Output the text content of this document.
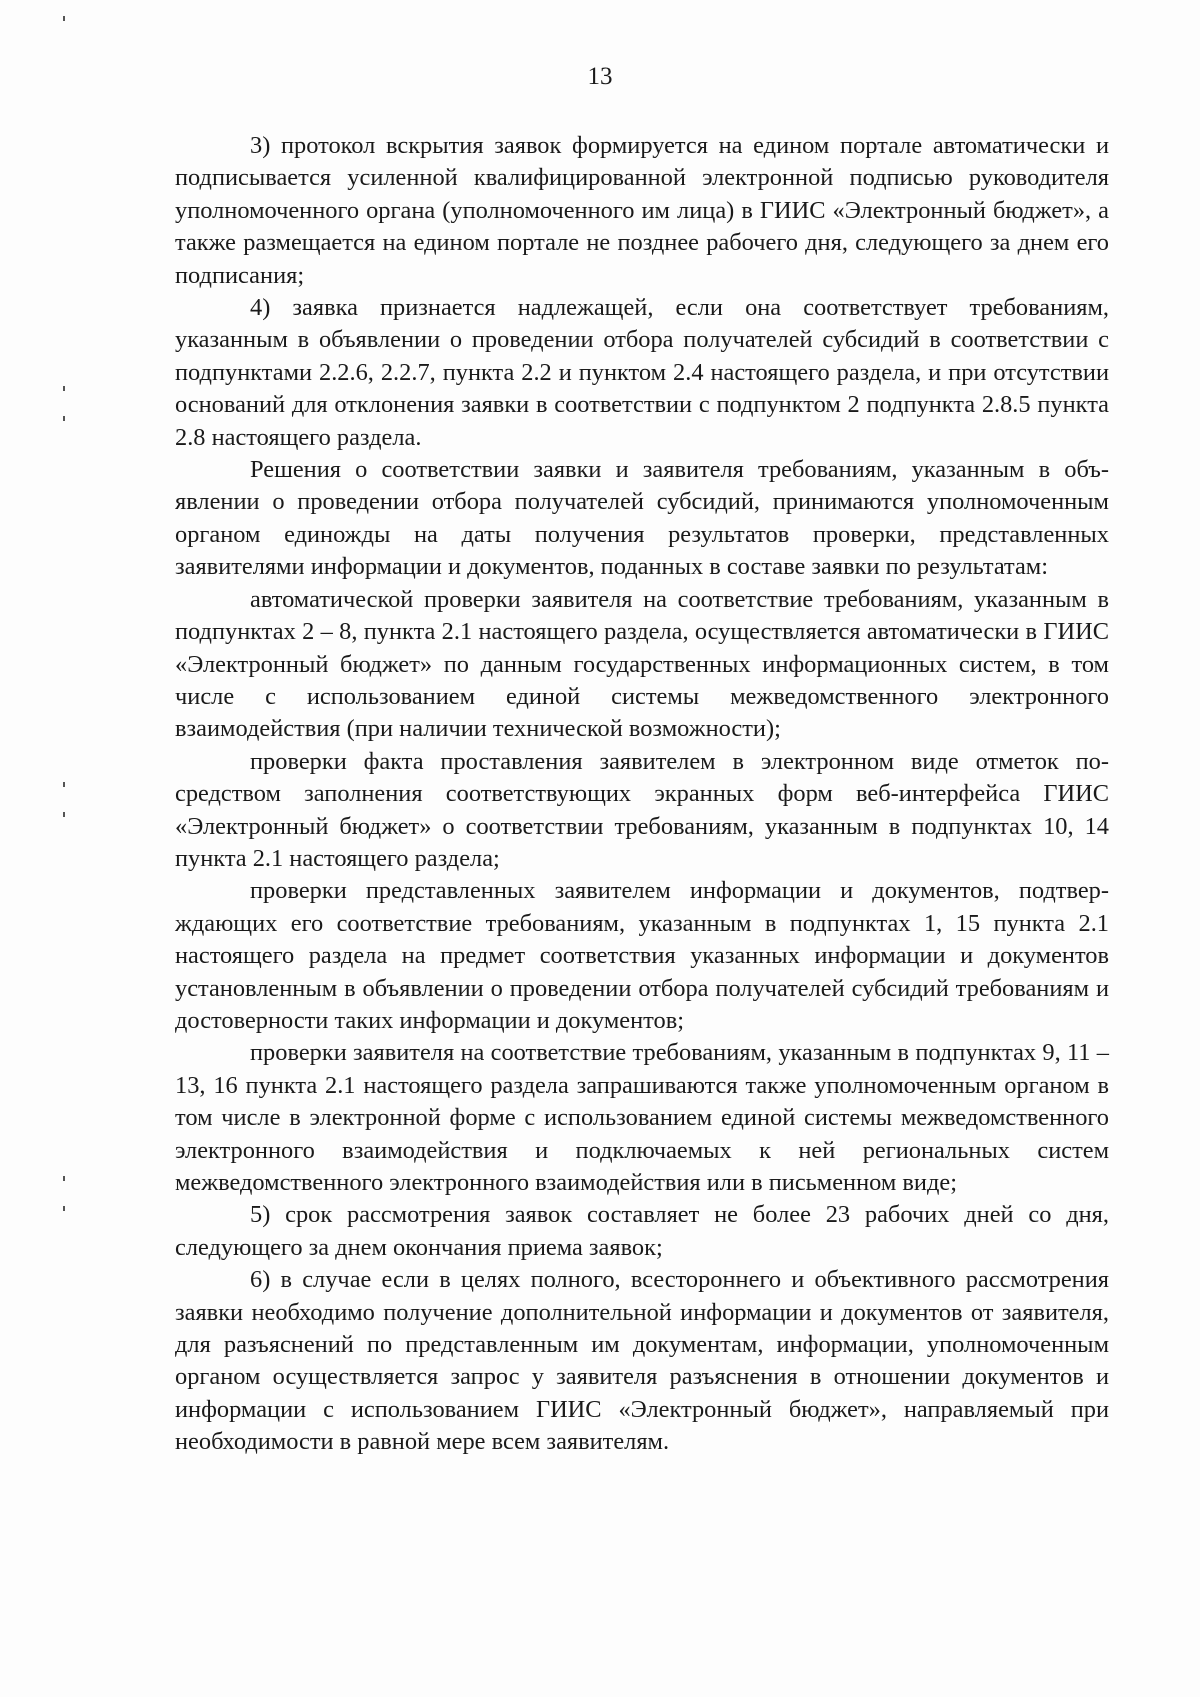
13

3) протокол вскрытия заявок формируется на едином портале автоматически и подписывается усиленной квалифицированной электронной подписью руководителя уполномоченного органа (уполномоченного им лица) в ГИИС «Электронный бюджет», а также размещается на едином портале не позднее рабочего дня, следующего за днем его подписания;

4) заявка признается надлежащей, если она соответствует требованиям, указанным в объявлении о проведении отбора получателей субсидий в соответствии с подпунктами 2.2.6, 2.2.7, пункта 2.2 и пунктом 2.4 настоящего раздела, и при отсутствии оснований для отклонения заявки в соответствии с подпунктом 2 подпункта 2.8.5 пункта 2.8 настоящего раздела.

Решения о соответствии заявки и заявителя требованиям, указанным в объявлении о проведении отбора получателей субсидий, принимаются уполномоченным органом единожды на даты получения результатов проверки, представленных заявителями информации и документов, поданных в составе заявки по результатам:

автоматической проверки заявителя на соответствие требованиям, указанным в подпунктах 2 – 8, пункта 2.1 настоящего раздела, осуществляется автоматически в ГИИС «Электронный бюджет» по данным государственных информационных систем, в том числе с использованием единой системы межведомственного электронного взаимодействия (при наличии технической возможности);

проверки факта проставления заявителем в электронном виде отметок посредством заполнения соответствующих экранных форм веб-интерфейса ГИИС «Электронный бюджет» о соответствии требованиям, указанным в подпунктах 10, 14 пункта 2.1 настоящего раздела;

проверки представленных заявителем информации и документов, подтверждающих его соответствие требованиям, указанным в подпунктах 1, 15 пункта 2.1 настоящего раздела на предмет соответствия указанных информации и документов установленным в объявлении о проведении отбора получателей субсидий требованиям и достоверности таких информации и документов;

проверки заявителя на соответствие требованиям, указанным в подпунктах 9, 11 – 13, 16 пункта 2.1 настоящего раздела запрашиваются также уполномоченным органом в том числе в электронной форме с использованием единой системы межведомственного электронного взаимодействия и подключаемых к ней региональных систем межведомственного электронного взаимодействия или в письменном виде;

5) срок рассмотрения заявок составляет не более 23 рабочих дней со дня, следующего за днем окончания приема заявок;

6) в случае если в целях полного, всестороннего и объективного рассмотрения заявки необходимо получение дополнительной информации и документов от заявителя, для разъяснений по представленным им документам, информации, уполномоченным органом осуществляется запрос у заявителя разъяснения в отношении документов и информации с использованием ГИИС «Электронный бюджет», направляемый при необходимости в равной мере всем заявителям.
